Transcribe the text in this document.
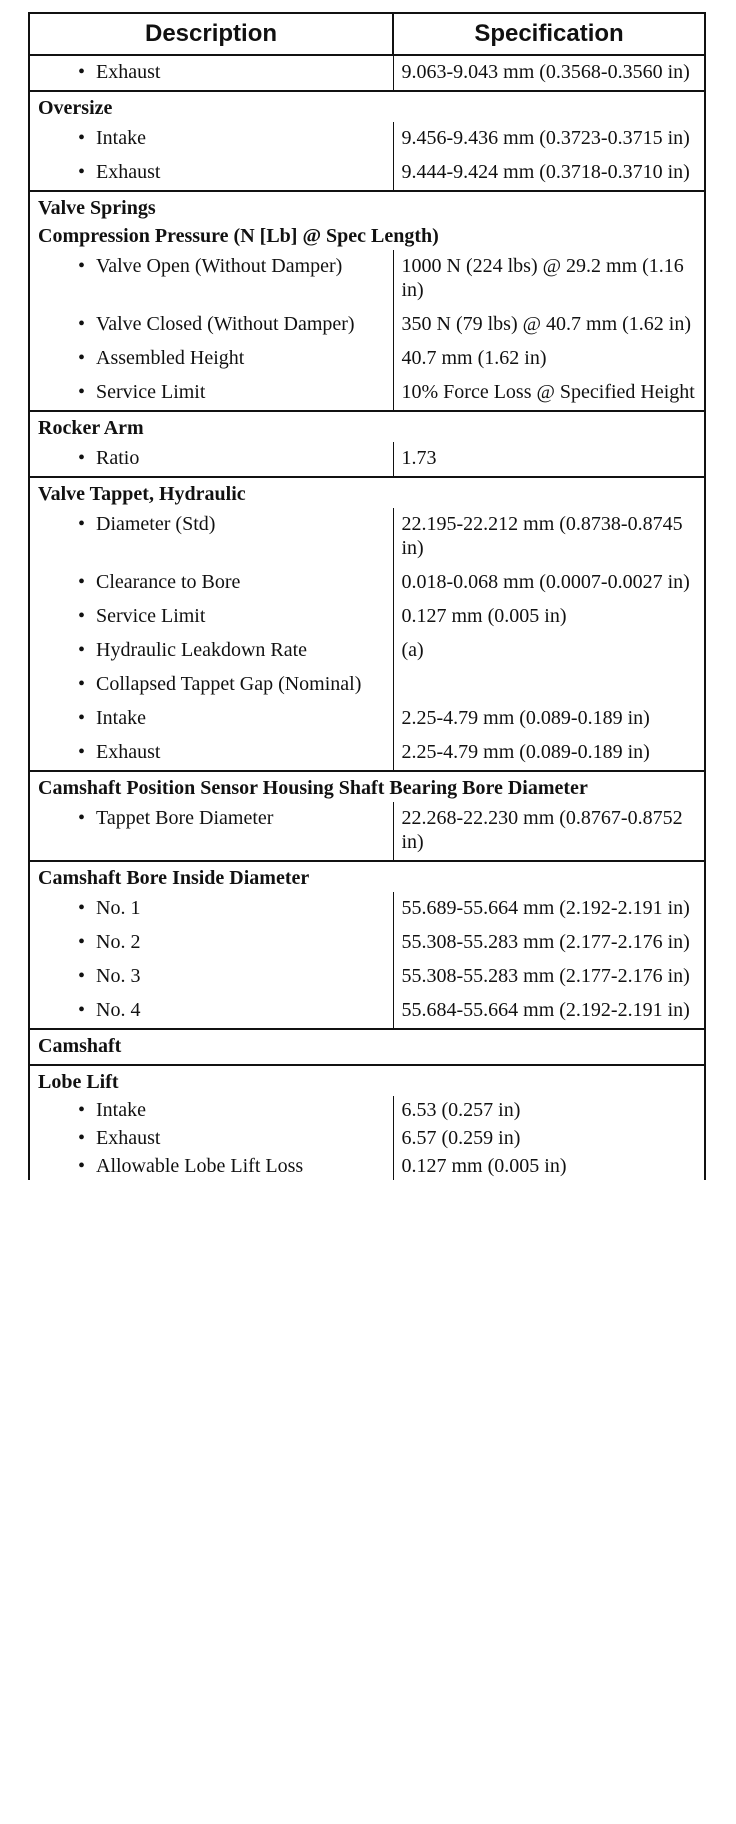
Description	Specification
• Exhaust	9.063-9.043 mm (0.3568-0.3560 in)
Oversize	
• Intake	9.456-9.436 mm (0.3723-0.3715 in)
• Exhaust	9.444-9.424 mm (0.3718-0.3710 in)
Valve Springs	
Compression Pressure (N [Lb] @ Spec Length)	
• Valve Open (Without Damper)	1000 N (224 lbs) @ 29.2 mm (1.16 in)
• Valve Closed (Without Damper)	350 N (79 lbs) @ 40.7 mm (1.62 in)
• Assembled Height	40.7 mm (1.62 in)
• Service Limit	10% Force Loss @ Specified Height
Rocker Arm	
• Ratio	1.73
Valve Tappet, Hydraulic	
• Diameter (Std)	22.195-22.212 mm (0.8738-0.8745 in)
• Clearance to Bore	0.018-0.068 mm (0.0007-0.0027 in)
• Service Limit	0.127 mm (0.005 in)
• Hydraulic Leakdown Rate	(a)
• Collapsed Tappet Gap (Nominal)	
• Intake	2.25-4.79 mm (0.089-0.189 in)
• Exhaust	2.25-4.79 mm (0.089-0.189 in)
Camshaft Position Sensor Housing Shaft Bearing Bore Diameter	
• Tappet Bore Diameter	22.268-22.230 mm (0.8767-0.8752 in)
Camshaft Bore Inside Diameter	
• No. 1	55.689-55.664 mm (2.192-2.191 in)
• No. 2	55.308-55.283 mm (2.177-2.176 in)
• No. 3	55.308-55.283 mm (2.177-2.176 in)
• No. 4	55.684-55.664 mm (2.192-2.191 in)
Camshaft	
Lobe Lift	
• Intake	6.53 (0.257 in)
• Exhaust	6.57 (0.259 in)
• Allowable Lobe Lift Loss	0.127 mm (0.005 in)
